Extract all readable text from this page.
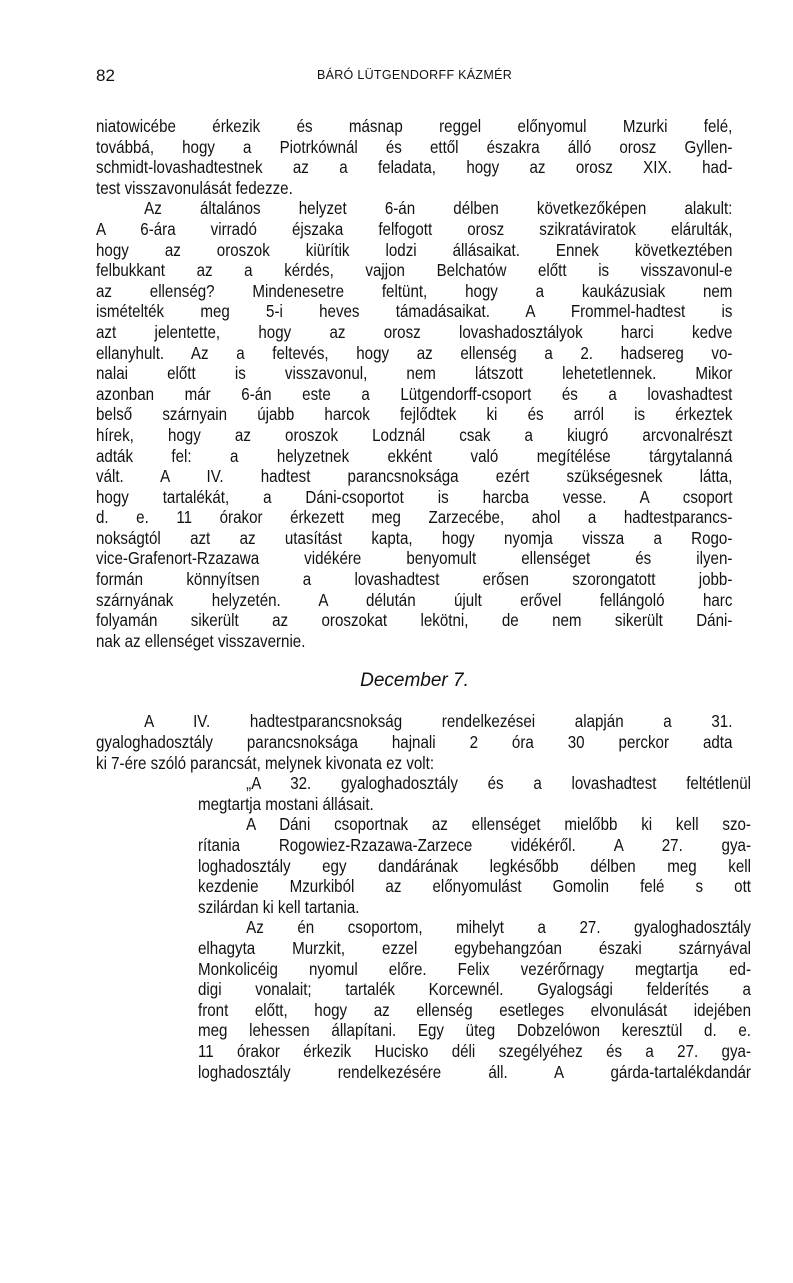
82	BÁRÓ LÜTGENDORFF KÁZMÉR
niatowicébe érkezik és másnap reggel előnyomul Mzurki felé,
továbbá, hogy a Piotrkównál és ettől északra álló orosz Gyllen-
schmidt-lovashadtestnek az a feladata, hogy az orosz XIX. had-
test visszavonulását fedezze.
Az általános helyzet 6-án délben következőképen alakult:
A 6-ára virradó éjszaka felfogott orosz szikratáviratok elárulták,
hogy az oroszok kiürítik lodzi állásaikat. Ennek következtében
felbukkant az a kérdés, vajjon Belchatów előtt is visszavonul-e
az ellenség? Mindenesetre feltünt, hogy a kaukázusiak nem
ismételték meg 5-i heves támadásaikat. A Frommel-hadtest is
azt jelentette, hogy az orosz lovashadosztályok harci kedve
ellanyhult. Az a feltevés, hogy az ellenség a 2. hadsereg vo-
nalai előtt is visszavonul, nem látszott lehetetlennek. Mikor
azonban már 6-án este a Lütgendorff-csoport és a lovashadtest
belső szárnyain újabb harcok fejlődtek ki és arról is érkeztek
hírek, hogy az oroszok Lodznál csak a kiugró arcvonalrészt
adták fel: a helyzetnek ekként való megítélése tárgytalanná
vált. A IV. hadtest parancsnoksága ezért szükségesnek látta,
hogy tartalékát, a Dáni-csoportot is harcba vesse. A csoport
d. e. 11 órakor érkezett meg Zarzecébe, ahol a hadtestparancs-
nokságtól azt az utasítást kapta, hogy nyomja vissza a Rogo-
vice-Grafenort-Rzazawa vidékére benyomult ellenséget és ilyen-
formán könnyítsen a lovashadtest erősen szorongatott jobb-
szárnyának helyzetén. A délután újult erővel fellángoló harc
folyamán sikerült az oroszokat lekötni, de nem sikerült Dáni-
nak az ellenséget visszavernie.
December 7.
A IV. hadtestparancsnokság rendelkezései alapján a 31.
gyaloghadosztály parancsnoksága hajnali 2 óra 30 perckor adta
ki 7-ére szóló parancsát, melynek kivonata ez volt:
„A 32. gyaloghadosztály és a lovashadtest feltétlenül
megtartja mostani állásait.
A Dáni csoportnak az ellenséget mielőbb ki kell szo-
rítania Rogowiez-Rzazawa-Zarzece vidékéről. A 27. gya-
loghadosztály egy dandárának legkésőbb délben meg kell
kezdenie Mzurkiból az előnyomulást Gomolin felé s ott
szilárdan ki kell tartania.
Az én csoportom, mihelyt a 27. gyaloghadosztály
elhagyta Murzkit, ezzel egybehangzóan északi szárnyával
Monkolicéig nyomul előre. Felix vezérőrnagy megtartja ed-
digi vonalait; tartalék Korcewnél. Gyalogsági felderítés a
front előtt, hogy az ellenség esetleges elvonulását idejében
meg lehessen állapítani. Egy üteg Dobzelówon keresztül d. e.
11 órakor érkezik Hucisko déli szegélyéhez és a 27. gya-
loghadosztály rendelkezésére áll. A gárda-tartalékdandár
